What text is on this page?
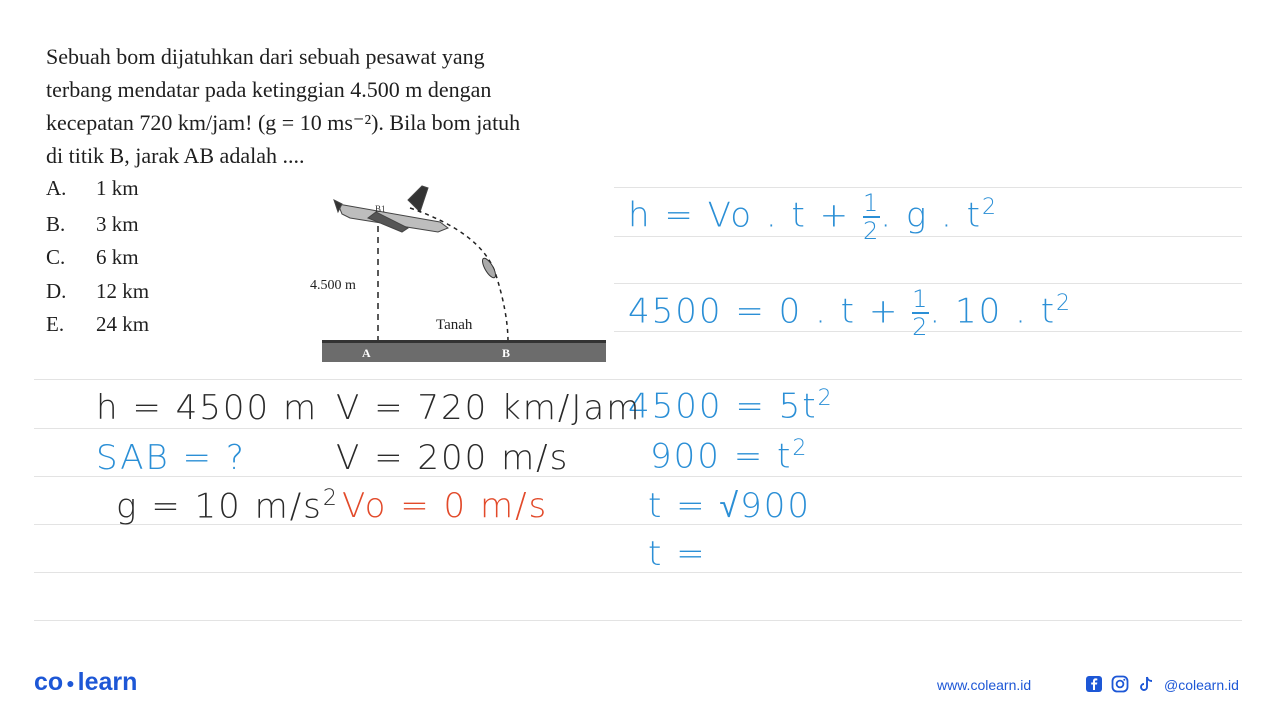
Sebuah bom dijatuhkan dari sebuah pesawat yang

terbang mendatar pada ketinggian 4.500 m dengan

kecepatan 720 km/jam! (g = 10 ms⁻²). Bila bom jatuh

di titik B, jarak AB adalah ....

A. 1 km
B. 3 km
C. 6 km
D. 12 km
E. 24 km
B1
4.500 m
Tanah
A	B
h = Vo . $t + \frac{1}{2}$ . g . $t^2$
4500 = 0 . $t + \frac{1}{2}$ . 10 . $t^2$
$4500 = 5t^2$
$900 = t^2$
t = √900
t =
h = 4500 m V = 720 km/Jam
SAB = ?	V = 200 m/s
g = 10 $m/s^2$ Vo = 0 m/s
co ● learn	www.colearn.id	@colearn.id
